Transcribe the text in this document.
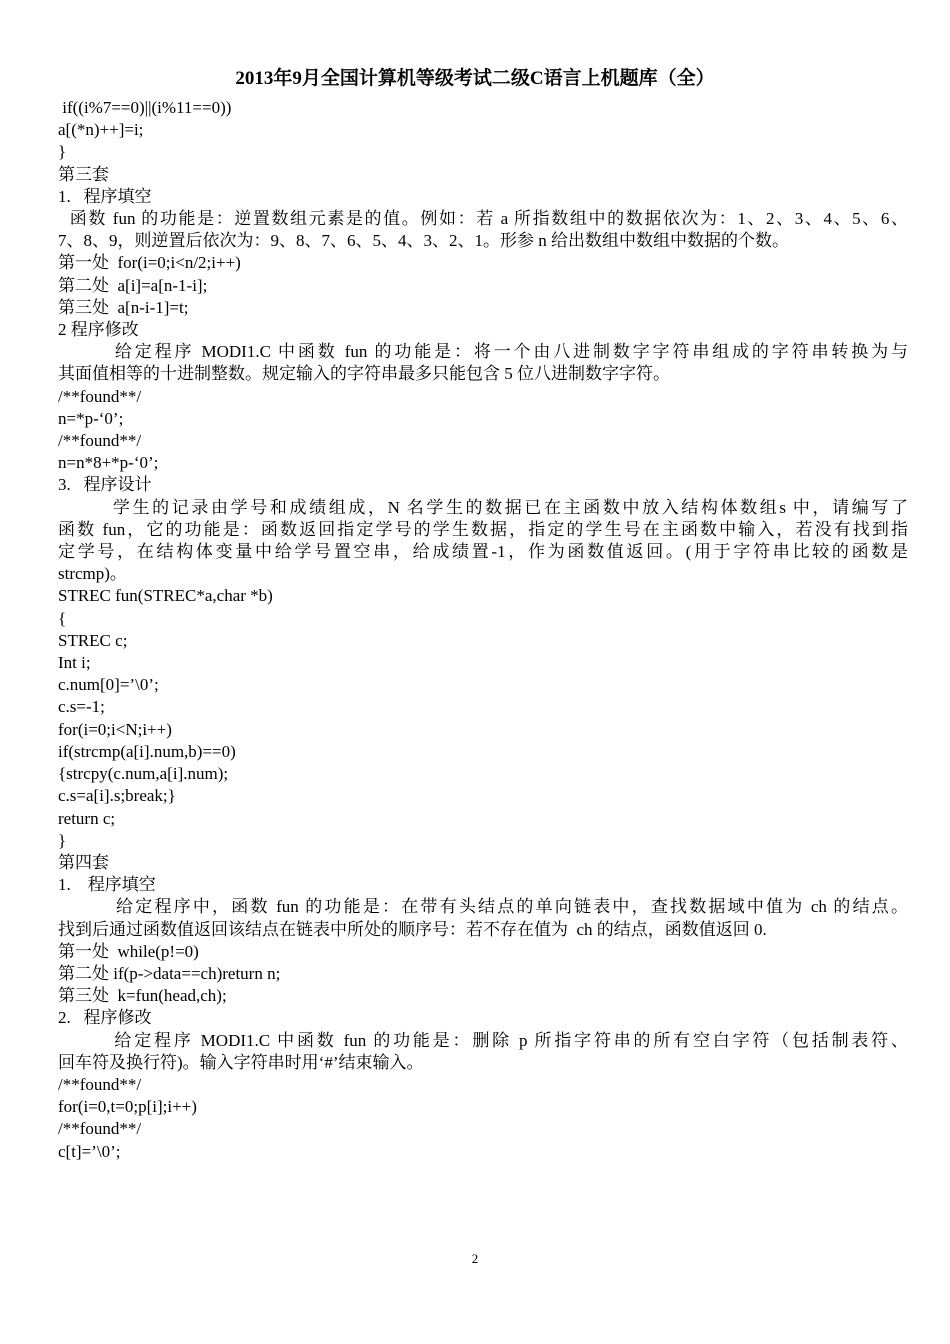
2013年9月全国计算机等级考试二级C语言上机题库（全）
if((i%7==0)||(i%11==0))
a[(*n)++]=i;
}
第三套
1.   程序填空
函数 fun 的功能是：逆置数组元素是的值。例如：若 a 所指数组中的数据依次为：1、2、3、4、5、6、
7、8、9，则逆置后依次为：9、8、7、6、5、4、3、2、1。形参 n 给出数组中数组中数据的个数。
第一处  for(i=0;i<n/2;i++)
第二处  a[i]=a[n-1-i];
第三处  a[n-i-1]=t;
2 程序修改
给定程序 MODI1.C 中函数 fun 的功能是：将一个由八进制数字字符串组成的字符串转换为与
其面值相等的十进制整数。规定输入的字符串最多只能包含 5 位八进制数字字符。
/**found**/
n=*p-‘0’;
/**found**/
n=n*8+*p-‘0’;
3.   程序设计
学生的记录由学号和成绩组成，N 名学生的数据已在主函数中放入结构体数组s 中，请编写了
函数 fun，它的功能是：函数返回指定学号的学生数据，指定的学生号在主函数中输入，若没有找到指
定学号，在结构体变量中给学号置空串，给成绩置-1，作为函数值返回。(用于字符串比较的函数是
strcmp)。
STREC fun(STREC*a,char *b)
{
STREC c;
Int i;
c.num[0]=’\0’;
c.s=-1;
for(i=0;i<N;i++)
if(strcmp(a[i].num,b)==0)
{strcpy(c.num,a[i].num);
c.s=a[i].s;break;}
return c;
}
第四套
1.    程序填空
给定程序中，函数 fun 的功能是：在带有头结点的单向链表中，查找数据域中值为 ch 的结点。
找到后通过函数值返回该结点在链表中所处的顺序号：若不存在值为  ch 的结点，函数值返回 0.
第一处  while(p!=0)
第二处 if(p->data==ch)return n;
第三处  k=fun(head,ch);
2.   程序修改
给定程序 MODI1.C 中函数 fun 的功能是：删除 p 所指字符串的所有空白字符（包括制表符、
回车符及换行符)。输入字符串时用‘#’结束输入。
/**found**/
for(i=0,t=0;p[i];i++)
/**found**/
c[t]=’\0’;
2
